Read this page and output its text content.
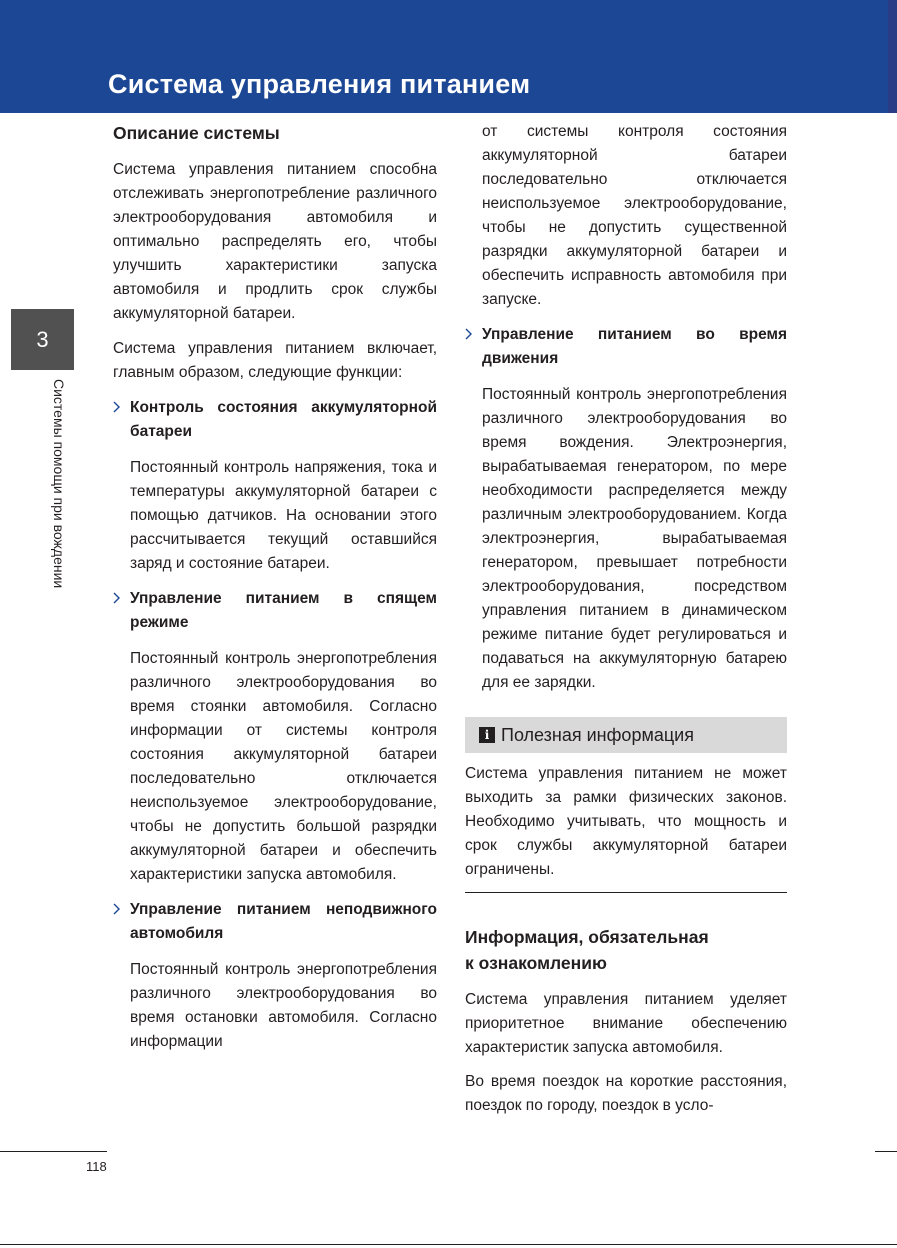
Система управления питанием
3
Системы помощи при вождении
Описание системы

Система управления питанием способна отслеживать энергопотребление различного электрооборудования автомобиля и оптимально распределять его, чтобы улучшить характеристики запуска автомобиля и продлить срок службы аккумуляторной батареи.

Система управления питанием включает, главным образом, следующие функции:

Контроль состояния аккумуляторной батареи

Постоянный контроль напряжения, тока и температуры аккумуляторной батареи с помощью датчиков. На основании этого рассчитывается текущий оставшийся заряд и состояние батареи.

Управление питанием в спящем режиме

Постоянный контроль энергопотребления различного электрооборудования во время стоянки автомобиля. Согласно информации от системы контроля состояния аккумуляторной батареи последовательно отключается неиспользуемое электрооборудование, чтобы не допустить большой разрядки аккумуляторной батареи и обеспечить характеристики запуска автомобиля.

Управление питанием неподвижного автомобиля

Постоянный контроль энергопотребления различного электрооборудования во время остановки автомобиля. Согласно информации

от системы контроля состояния аккумуляторной батареи последовательно отключается неиспользуемое электрооборудование, чтобы не допустить существенной разрядки аккумуляторной батареи и обеспечить исправность автомобиля при запуске.

Управление питанием во время движения

Постоянный контроль энергопотребления различного электрооборудования во время вождения. Электроэнергия, вырабатываемая генератором, по мере необходимости распределяется между различным электрооборудованием. Когда электроэнергия, вырабатываемая генератором, превышает потребности электрооборудования, посредством управления питанием в динамическом режиме питание будет регулироваться и подаваться на аккумуляторную батарею для ее зарядки.

i Полезная информация

Система управления питанием не может выходить за рамки физических законов. Необходимо учитывать, что мощность и срок службы аккумуляторной батареи ограничены.

Информация, обязательная
к ознакомлению

Система управления питанием уделяет приоритетное внимание обеспечению характеристик запуска автомобиля.

Во время поездок на короткие расстояния, поездок по городу, поездок в усло-

118
